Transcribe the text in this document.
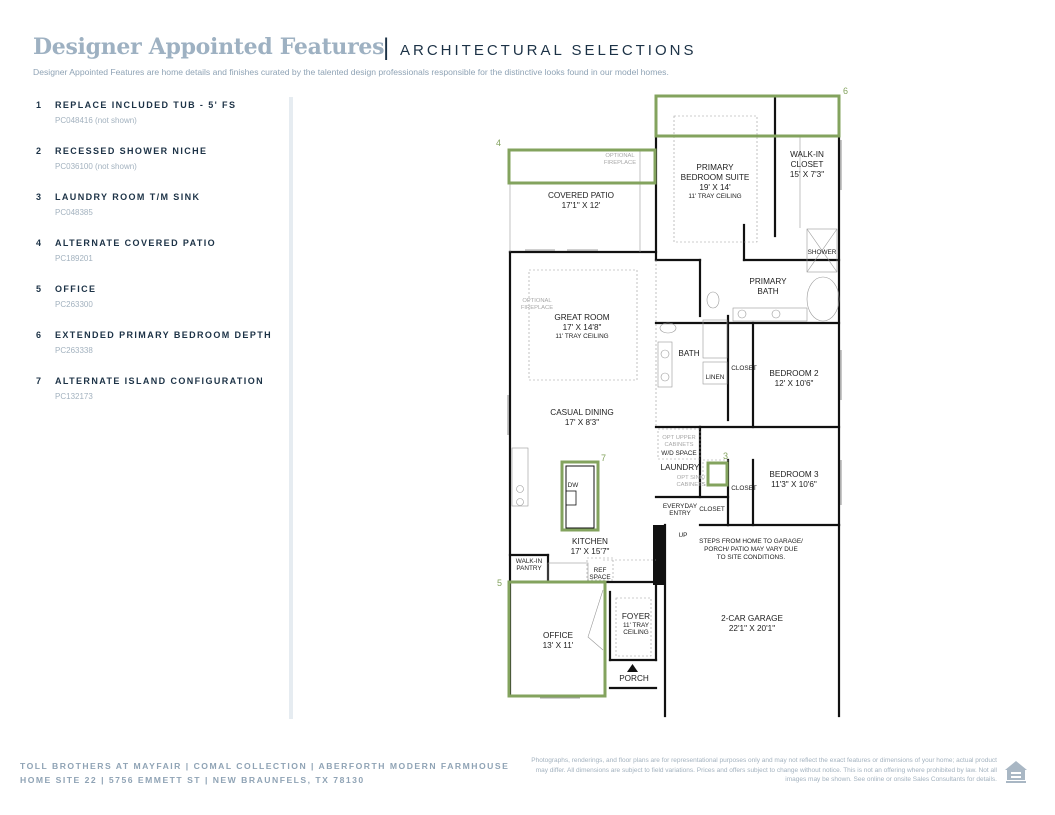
Designer Appointed Features
| ARCHITECTURAL SELECTIONS
Designer Appointed Features are home details and finishes curated by the talented design professionals responsible for the distinctive looks found in our model homes.
1 REPLACE INCLUDED TUB - 5' FS
PC048416 (not shown)
2 RECESSED SHOWER NICHE
PC036100 (not shown)
3 LAUNDRY ROOM T/M SINK
PC048385
4 ALTERNATE COVERED PATIO
PC189201
5 OFFICE
PC263300
6 EXTENDED PRIMARY BEDROOM DEPTH
PC263338
7 ALTERNATE ISLAND CONFIGURATION
PC132173
6
4
7	3
5
OPTIONAL
FIREPLACE
COVERED PATIO
17'1" X 12'
PRIMARY
BEDROOM SUITE
19' X 14'
11' TRAY CEILING
WALK-IN
CLOSET
15' X 7'3"
SHOWER
PRIMARY
BATH
OPTIONAL
FIREPLACE
GREAT ROOM
17' X 14'8"
11' TRAY CEILING
BATH
LINEN
CLOSET
BEDROOM 2
12' X 10'6"
CASUAL DINING
17' X 8'3"
OPT UPPER
CABINETS
W/D SPACE
LAUNDRY
OPT SINK/
CABINETS	CLOSET
BEDROOM 3
11'3" X 10'6"
DW
EVERYDAY
ENTRY
CLOSET
UP
KITCHEN
17' X 15'7"
STEPS FROM HOME TO GARAGE/
PORCH/ PATIO MAY VARY DUE
TO SITE CONDITIONS.
WALK-IN
PANTRY	REF
SPACE
OFFICE
13' X 11'
FOYER
11' TRAY
CEILING
2-CAR GARAGE
22'1" X 20'1"
PORCH
TOLL BROTHERS AT MAYFAIR | COMAL COLLECTION | ABERFORTH MODERN FARMHOUSE
HOME SITE 22 | 5756 EMMETT ST | NEW BRAUNFELS, TX 78130
Photographs, renderings, and floor plans are for representational purposes only and may not reflect the exact features or dimensions of your home; actual product may differ. All dimensions are subject to field variations. Prices and offers subject to change without notice. This is not an offering where prohibited by law. Not all images may be shown. See online or onsite Sales Consultants for details.
